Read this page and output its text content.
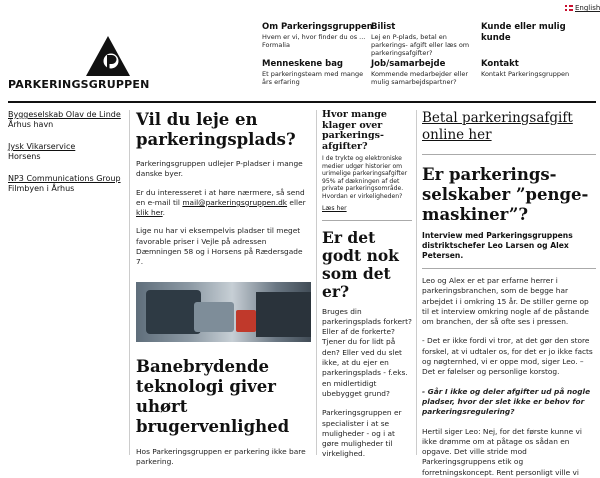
English
PARKERINGSGRUPPEN
Om Parkeringsgruppen
Hvem er vi, hvor finder du os ... Formalia
Bilist
Lej en P-plads, betal en parkerings- afgift eller læs om parkeringsafgifter?
Kunde eller mulig kunde
Menneskene bag
Et parkeringsteam med mange års erfaring
Job/samarbejde
Kommende medarbejder eller mulig samarbejdspartner?
Kontakt
Kontakt Parkeringsgruppen
Byggeselskab Olav de Linde
Århus havn
Jysk Vikarservice
Horsens
NP3 Communications Group
Filmbyen i Århus
Vil du leje en parkeringsplads?
Parkeringsgruppen udlejer P-pladser i mange danske byer.
Er du interesseret i at høre nærmere, så send en e-mail til mail@parkeringsgruppen.dk eller klik her.
Lige nu har vi eksempelvis pladser til meget favorable priser i Vejle på adressen Dæmningen 58 og i Horsens på Rædersgade 7.
Banebrydende teknologi giver uhørt brugervenlighed
Hos Parkeringsgruppen er parkering ikke bare parkering.
Hvor mange klager over parkerings-afgifter?
I de trykte og elektroniske medier udgør historier om urimelige parkeringsafgifter 95% af dækningen af det private parkeringsområde. Hvordan er virkeligheden?
Læs her
Er det godt nok som det er?
Bruges din parkeringsplads forkert? Eller af de forkerte? Tjener du for lidt på den? Eller ved du slet ikke, at du ejer en parkeringsplads - f.eks. en midlertidigt ubebygget grund?
Parkeringsgruppen er specialister i at se muligheder - og i at gøre muligheder til virkelighed.
Betal parkeringsafgift online her
Er parkerings-selskaber ”penge-maskiner”?
Interview med Parkeringsgruppens distriktschefer Leo Larsen og Alex Petersen.
Leo og Alex er et par erfarne herrer i parkeringsbranchen, som de begge har arbejdet i i omkring 15 år. De stiller gerne op til et interview omkring nogle af de påstande om branchen, der så ofte ses i pressen.
- Det er ikke fordi vi tror, at det gør den store forskel, at vi udtaler os, for det er jo ikke facts og nøgternhed, vi er oppe mod, siger Leo. – Det er følelser og personlige korstog.
- Går I ikke og deler afgifter ud på nogle pladser, hvor der slet ikke er behov for parkeringsregulering?
Hertil siger Leo: Nej, for det første kunne vi ikke drømme om at påtage os sådan en opgave. Det ville stride mod Parkeringsgruppens etik og forretningskoncept. Rent personligt ville vi
